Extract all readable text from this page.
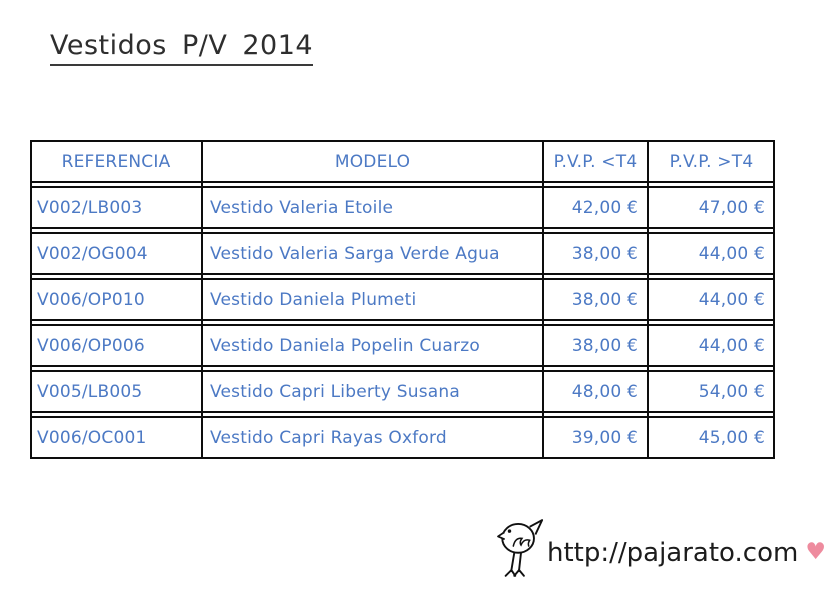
Vestidos P/V 2014
REFERENCIA	MODELO	P.V.P. <T4	P.V.P. >T4
V002/LB003	Vestido Valeria Etoile	42,00 €	47,00 €
V002/OG004	Vestido Valeria Sarga Verde Agua	38,00 €	44,00 €
V006/OP010	Vestido Daniela Plumeti	38,00 €	44,00 €
V006/OP006	Vestido Daniela Popelin Cuarzo	38,00 €	44,00 €
V005/LB005	Vestido Capri Liberty Susana	48,00 €	54,00 €
V006/OC001	Vestido Capri Rayas Oxford	39,00 €	45,00 €
http://pajarato.com ♥
